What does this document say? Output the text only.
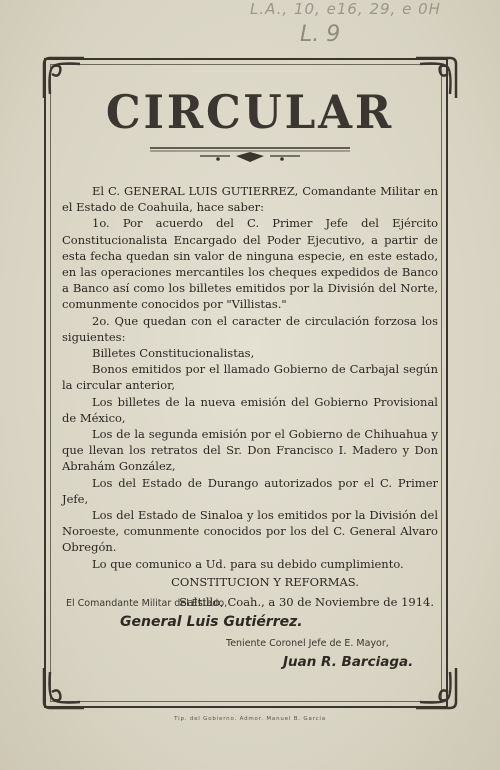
L.A., 10, e16, 29, e 0H
L. 9
CIRCULAR

El C. GENERAL LUIS GUTIERREZ, Comandante Militar en el Estado de Coahuila, hace saber:

1o. Por acuerdo del C. Primer Jefe del Ejército Constitucionalista Encargado del Poder Ejecutivo, a partir de esta fecha quedan sin valor de ninguna especie, en este estado, en las operaciones mercantiles los cheques expedidos de Banco a Banco así como los billetes emitidos por la División del Norte, comunmente conocidos por "Villistas."

2o. Que quedan con el caracter de circulación forzosa los siguientes:

Billetes Constitucionalistas,

Bonos emitidos por el llamado Gobierno de Carbajal según la circular anterior,

Los billetes de la nueva emisión del Gobierno Provisional de México,

Los de la segunda emisión por el Gobierno de Chihuahua y que llevan los retratos del Sr. Don Francisco I. Madero y Don Abrahám González,

Los del Estado de Durango autorizados por el C. Primer Jefe,

Los del Estado de Sinaloa y los emitidos por la División del Noroeste, comunmente conocidos por los del C. General Alvaro Obregón.

Lo que comunico a Ud. para su debido cumplimiento.

CONSTITUCION Y REFORMAS.

Saltillo, Coah., a 30 de Noviembre de 1914.

El Comandante Militar del Estado,
General Luis Gutiérrez.
Teniente Coronel Jefe de E. Mayor,
Juan R. Barciaga.
Tip. del Gobierno. Admor. Manuel B. García
